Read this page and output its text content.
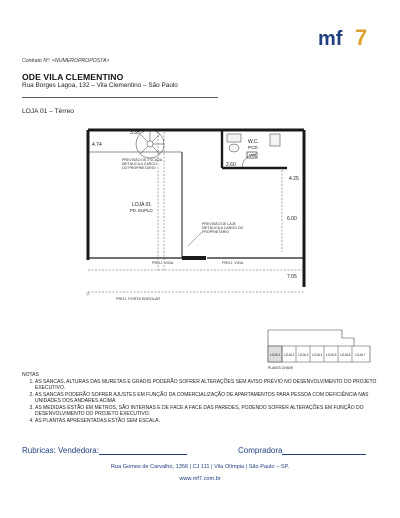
mf 7
Contrato Nº: <NUMEROPROPOSTA>
ODE VILA CLEMENTINO
Rua Borges Lagoa, 132 – Vila Clementino – São Paulo
LOJA 01 – Térreo
3.35
4.74	W.C.
PCD
VM
2.60
4.25
6.00
7.05
LOJA 01
PD. DUPLO
PREVISÃO DE ESCADA METÁLICA A CARGO DO PROPRIETÁRIO
PREVISÃO DE LAJE METÁLICA A CARGO DO PROPRIETÁRIO
PROJ. VIGA	PROJ. VIGA
PROJ. PORTA ENROLAR
◇
LOJA 1 LOJA 2 LOJA 3 LOJA 4 LOJA 5 LOJA 6 LOJA 7
PLANTA CHAVE
NOTAS
1. AS SANCAS, ALTURAS DAS MURETAS E GRADIS PODERÃO SOFRER ALTERAÇÕES SEM AVISO PRÉVIO NO DESENVOLVIMENTO DO PROJETO EXECUTIVO.
2. AS SANCAS PODERÃO SOFRER AJUSTES EM FUNÇÃO DA COMERCIALIZAÇÃO DE APARTAMENTOS PARA PESSOA COM DEFICIÊNCIA NAS UNIDADES DOS ANDARES ACIMA.
3. AS MEDIDAS ESTÃO EM METROS, SÃO INTERNAS E DE FACE A FACE DAS PAREDES, PODENDO SOFRER ALTERAÇÕES EM FUNÇÃO DO DESENVOLVIMENTO DO PROJETO EXECUTIVO.
4. AS PLANTAS APRESENTADAS ESTÃO SEM ESCALA.
Rubricas: Vendedora:	Compradora
Rua Gomes de Carvalho, 1356 | CJ 111 | Vila Olímpia | São Paulo – SP.
www.mf7.com.br
